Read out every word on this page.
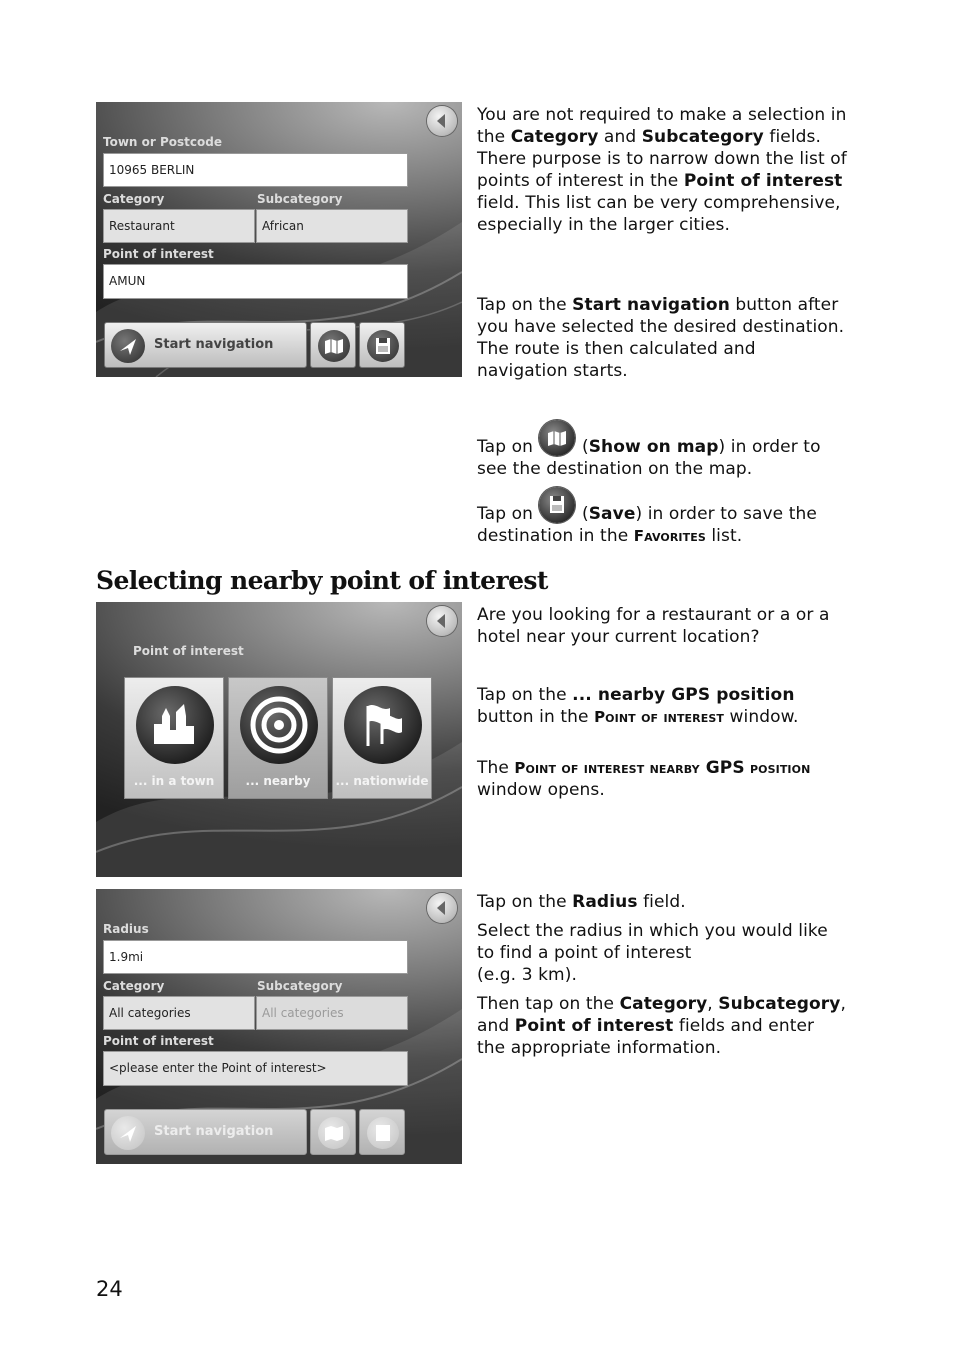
Town or Postcode
10965 BERLIN
Category	Subcategory
Restaurant	African
Point of interest
AMUN
Start navigation

You are not required to make a selection in the Category and Subcategory fields. There purpose is to narrow down the list of points of interest in the Point of interest field. This list can be very comprehensive, especially in the larger cities.

Tap on the Start navigation button after you have selected the desired destination. The route is then calculated and navigation starts.

Tap on	(Show on map) in order to see the destination on the map.

Tap on	(Save) in order to save the destination in the Favorites list.

Selecting nearby point of interest
Point of interest
... in a town	... nearby	... nationwide

Are you looking for a restaurant or a or a hotel near your current location?

Tap on the ... nearby GPS position button in the Point of interest window.

The Point of interest nearby GPS position window opens.

Radius
1.9mi
Category	Subcategory
All categories	All categories
Point of interest
<please enter the Point of interest>
Start navigation

Tap on the Radius field.

Select the radius in which you would like to find a point of interest
(e.g. 3 km).

Then tap on the Category, Subcategory, and Point of interest fields and enter the appropriate information.

24
